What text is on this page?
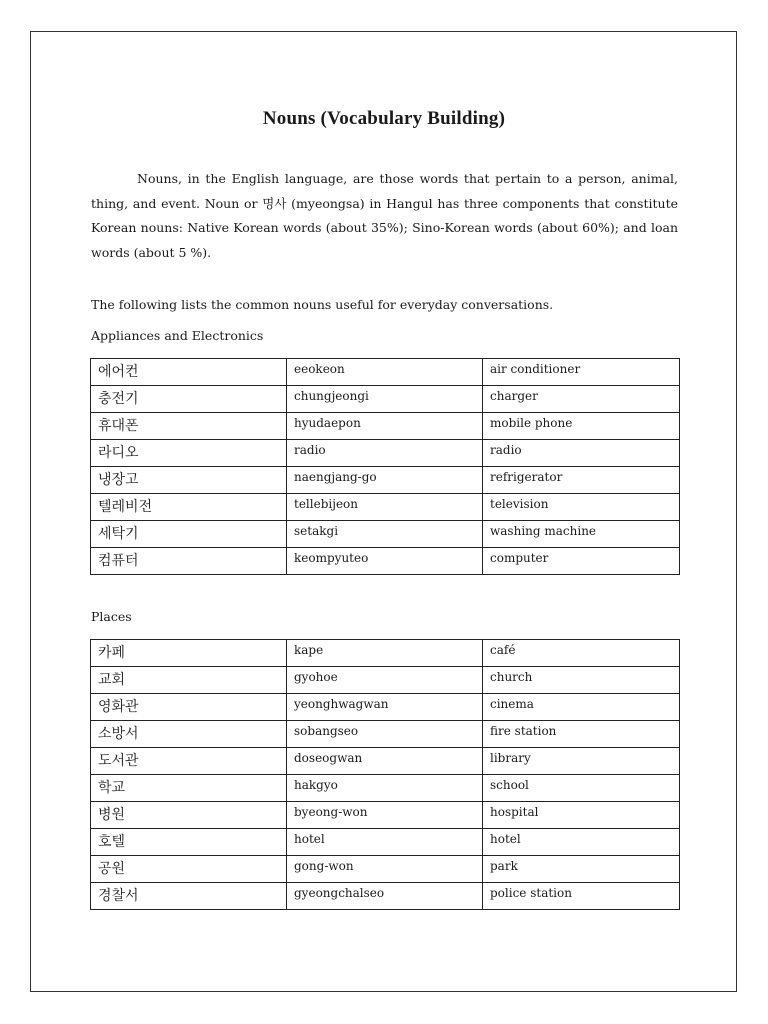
Nouns (Vocabulary Building)

Nouns, in the English language, are those words that pertain to a person, animal, thing, and event. Noun or 명사 (myeongsa) in Hangul has three components that constitute Korean nouns: Native Korean words (about 35%); Sino-Korean words (about 60%); and loan words (about 5 %).

The following lists the common nouns useful for everyday conversations.

Appliances and Electronics

에어컨	eeokeon	air conditioner
충전기	chungjeongi	charger
휴대폰	hyudaepon	mobile phone
라디오	radio	radio
냉장고	naengjang-go	refrigerator
텔레비전	tellebijeon	television
세탁기	setakgi	washing machine
컴퓨터	keompyuteo	computer

Places

카페	kape	café
교회	gyohoe	church
영화관	yeonghwagwan	cinema
소방서	sobangseo	fire station
도서관	doseogwan	library
학교	hakgyo	school
병원	byeong-won	hospital
호텔	hotel	hotel
공원	gong-won	park
경찰서	gyeongchalseo	police station
